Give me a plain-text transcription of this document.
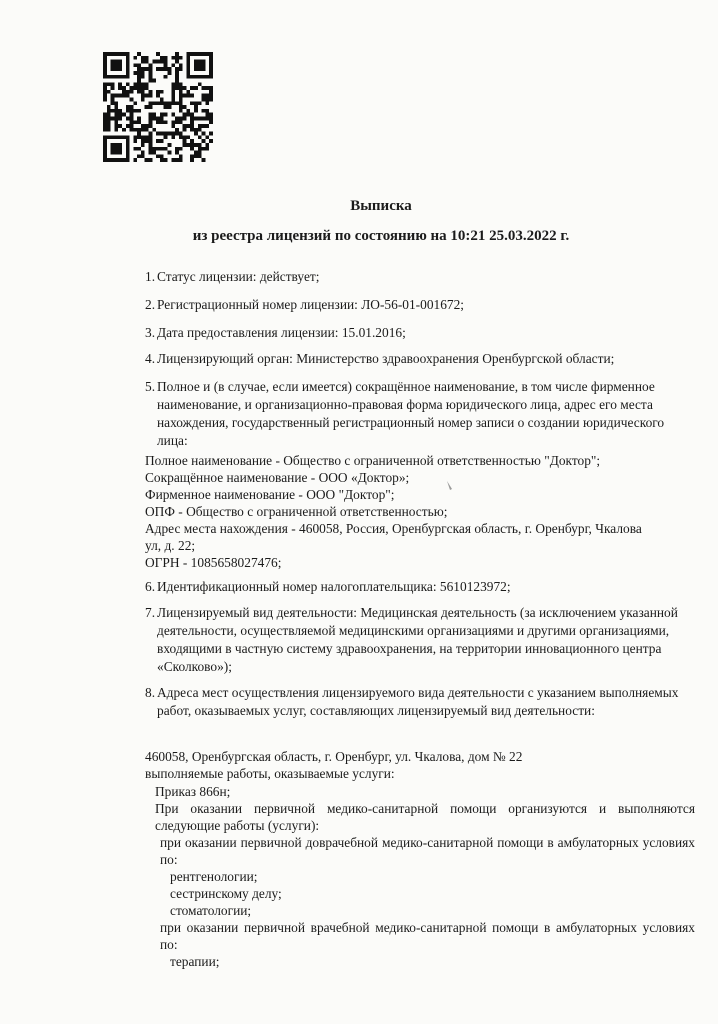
Выписка
из реестра лицензий по состоянию на 10:21 25.03.2022 г.
1. Статус лицензии: действует;
2. Регистрационный номер лицензии: ЛО-56-01-001672;
3. Дата предоставления лицензии: 15.01.2016;
4. Лицензирующий орган: Министерство здравоохранения Оренбургской области;
5. Полное и (в случае, если имеется) сокращённое наименование, в том числе фирменное наименование, и организационно-правовая форма юридического лица, адрес его места нахождения, государственный регистрационный номер записи о создании юридического лица:
Полное наименование - Общество с ограниченной ответственностью "Доктор";
Сокращённое наименование - ООО «Доктор»;
Фирменное наименование - ООО "Доктор";
ОПФ - Общество с ограниченной ответственностью;
Адрес места нахождения - 460058, Россия, Оренбургская область, г. Оренбург, Чкалова
ул, д. 22;
ОГРН - 1085658027476;
6. Идентификационный номер налогоплательщика: 5610123972;
7. Лицензируемый вид деятельности: Медицинская деятельность (за исключением указанной деятельности, осуществляемой медицинскими организациями и другими организациями, входящими в частную систему здравоохранения, на территории инновационного центра «Сколково»);
8. Адреса мест осуществления лицензируемого вида деятельности с указанием выполняемых работ, оказываемых услуг, составляющих лицензируемый вид деятельности:
460058, Оренбургская область, г. Оренбург, ул. Чкалова, дом № 22
выполняемые работы, оказываемые услуги:
Приказ 866н;
При оказании первичной медико-санитарной помощи организуются и выполняются следующие работы (услуги):
при оказании первичной доврачебной медико-санитарной помощи в амбулаторных условиях по:
рентгенологии;
сестринскому делу;
стоматологии;
при оказании первичной врачебной медико-санитарной помощи в амбулаторных условиях по:
терапии;
